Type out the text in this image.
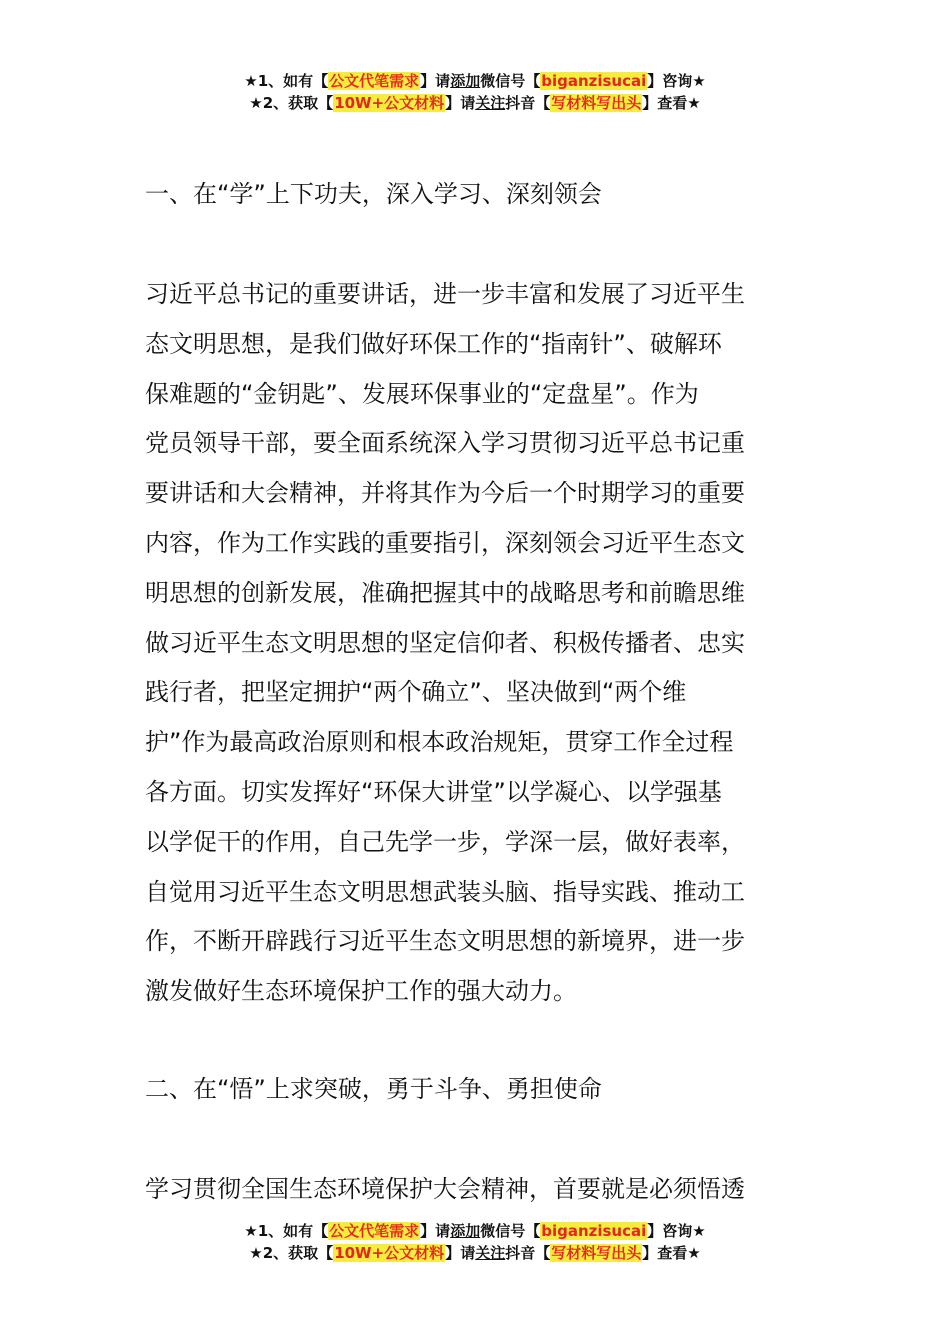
★1、如有【公文代笔需求】请添加微信号【biganzisucai】咨询★
★2、获取【10W+公文材料】请关注抖音【写材料写出头】查看★

一、在“学”上下功夫，深入学习、深刻领会

习近平总书记的重要讲话，进一步丰富和发展了习近平生
态文明思想，是我们做好环保工作的“指南针”、破解环
保难题的“金钥匙”、发展环保事业的“定盘星”。作为
党员领导干部，要全面系统深入学习贯彻习近平总书记重
要讲话和大会精神，并将其作为今后一个时期学习的重要
内容，作为工作实践的重要指引，深刻领会习近平生态文
明思想的创新发展，准确把握其中的战略思考和前瞻思维
做习近平生态文明思想的坚定信仰者、积极传播者、忠实
践行者，把坚定拥护“两个确立”、坚决做到“两个维
护”作为最高政治原则和根本政治规矩，贯穿工作全过程
各方面。切实发挥好“环保大讲堂”以学凝心、以学强基
以学促干的作用，自己先学一步，学深一层，做好表率，
自觉用习近平生态文明思想武装头脑、指导实践、推动工
作，不断开辟践行习近平生态文明思想的新境界，进一步
激发做好生态环境保护工作的强大动力。

二、在“悟”上求突破，勇于斗争、勇担使命

学习贯彻全国生态环境保护大会精神，首要就是必须悟透
★1、如有【公文代笔需求】请添加微信号【biganzisucai】咨询★
★2、获取【10W+公文材料】请关注抖音【写材料写出头】查看★
